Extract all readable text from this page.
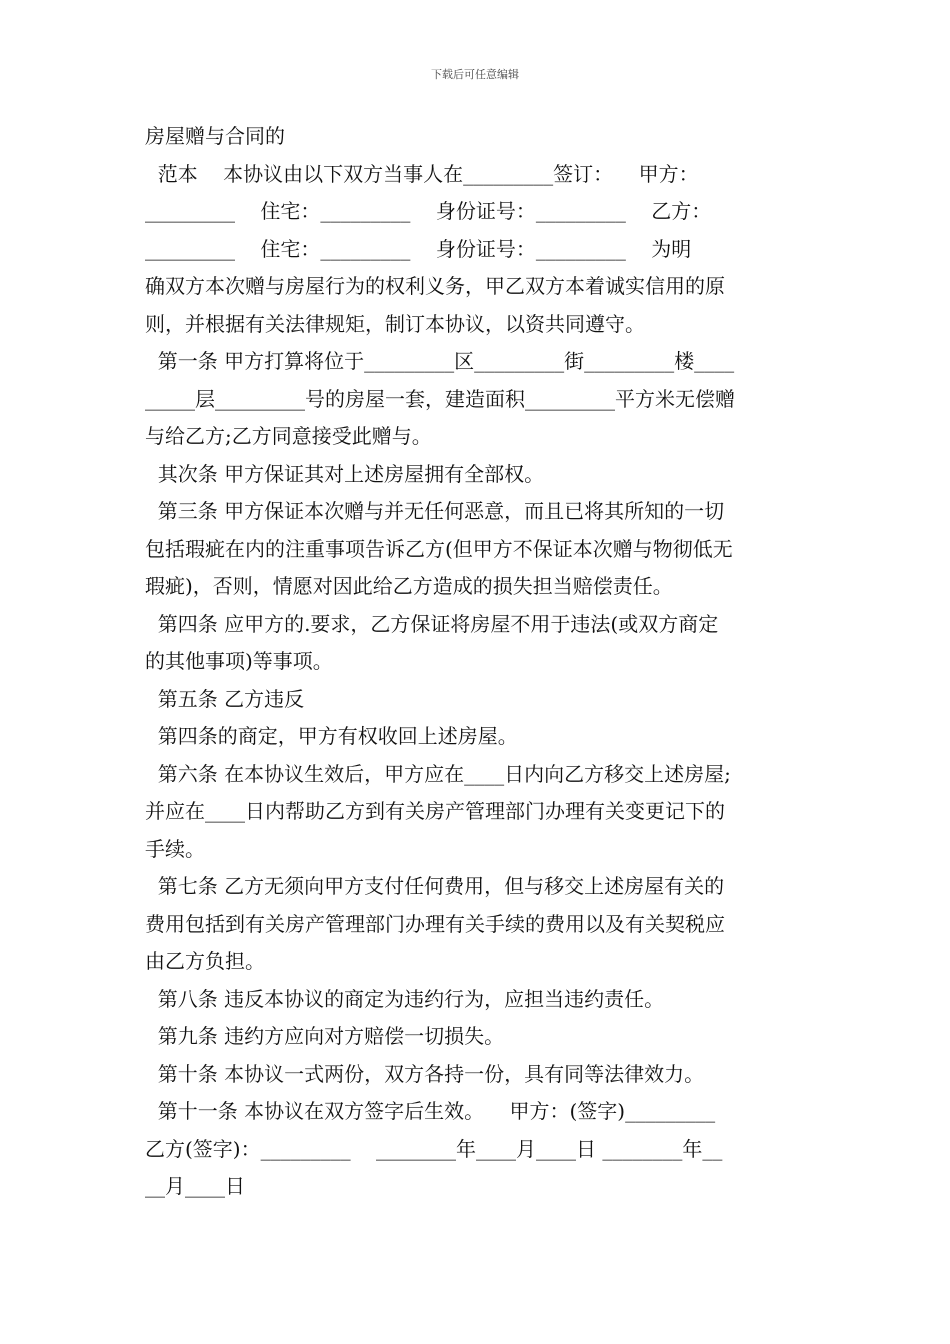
下载后可任意编辑
房屋赠与合同的
范本    本协议由以下双方当事人在_________签订：    甲方：
_________    住宅：_________    身份证号：_________    乙方：
_________    住宅：_________    身份证号：_________    为明
确双方本次赠与房屋行为的权利义务，甲乙双方本着诚实信用的原
则，并根据有关法律规矩，制订本协议，以资共同遵守。
第一条 甲方打算将位于_________区_________街_________楼____
_____层_________号的房屋一套，建造面积_________平方米无偿赠
与给乙方;乙方同意接受此赠与。
其次条 甲方保证其对上述房屋拥有全部权。
第三条 甲方保证本次赠与并无任何恶意，而且已将其所知的一切
包括瑕疵在内的注重事项告诉乙方(但甲方不保证本次赠与物彻低无
瑕疵)，否则，情愿对因此给乙方造成的损失担当赔偿责任。
第四条 应甲方的.要求，乙方保证将房屋不用于违法(或双方商定
的其他事项)等事项。
第五条 乙方违反
第四条的商定，甲方有权收回上述房屋。
第六条 在本协议生效后，甲方应在____日内向乙方移交上述房屋;
并应在____日内帮助乙方到有关房产管理部门办理有关变更记下的
手续。
第七条 乙方无须向甲方支付任何费用，但与移交上述房屋有关的
费用包括到有关房产管理部门办理有关手续的费用以及有关契税应
由乙方负担。
第八条 违反本协议的商定为违约行为，应担当违约责任。
第九条 违约方应向对方赔偿一切损失。
第十条 本协议一式两份，双方各持一份，具有同等法律效力。
第十一条 本协议在双方签字后生效。    甲方：(签字)_________
乙方(签字)：_________    ________年____月____日 ________年__
__月____日
